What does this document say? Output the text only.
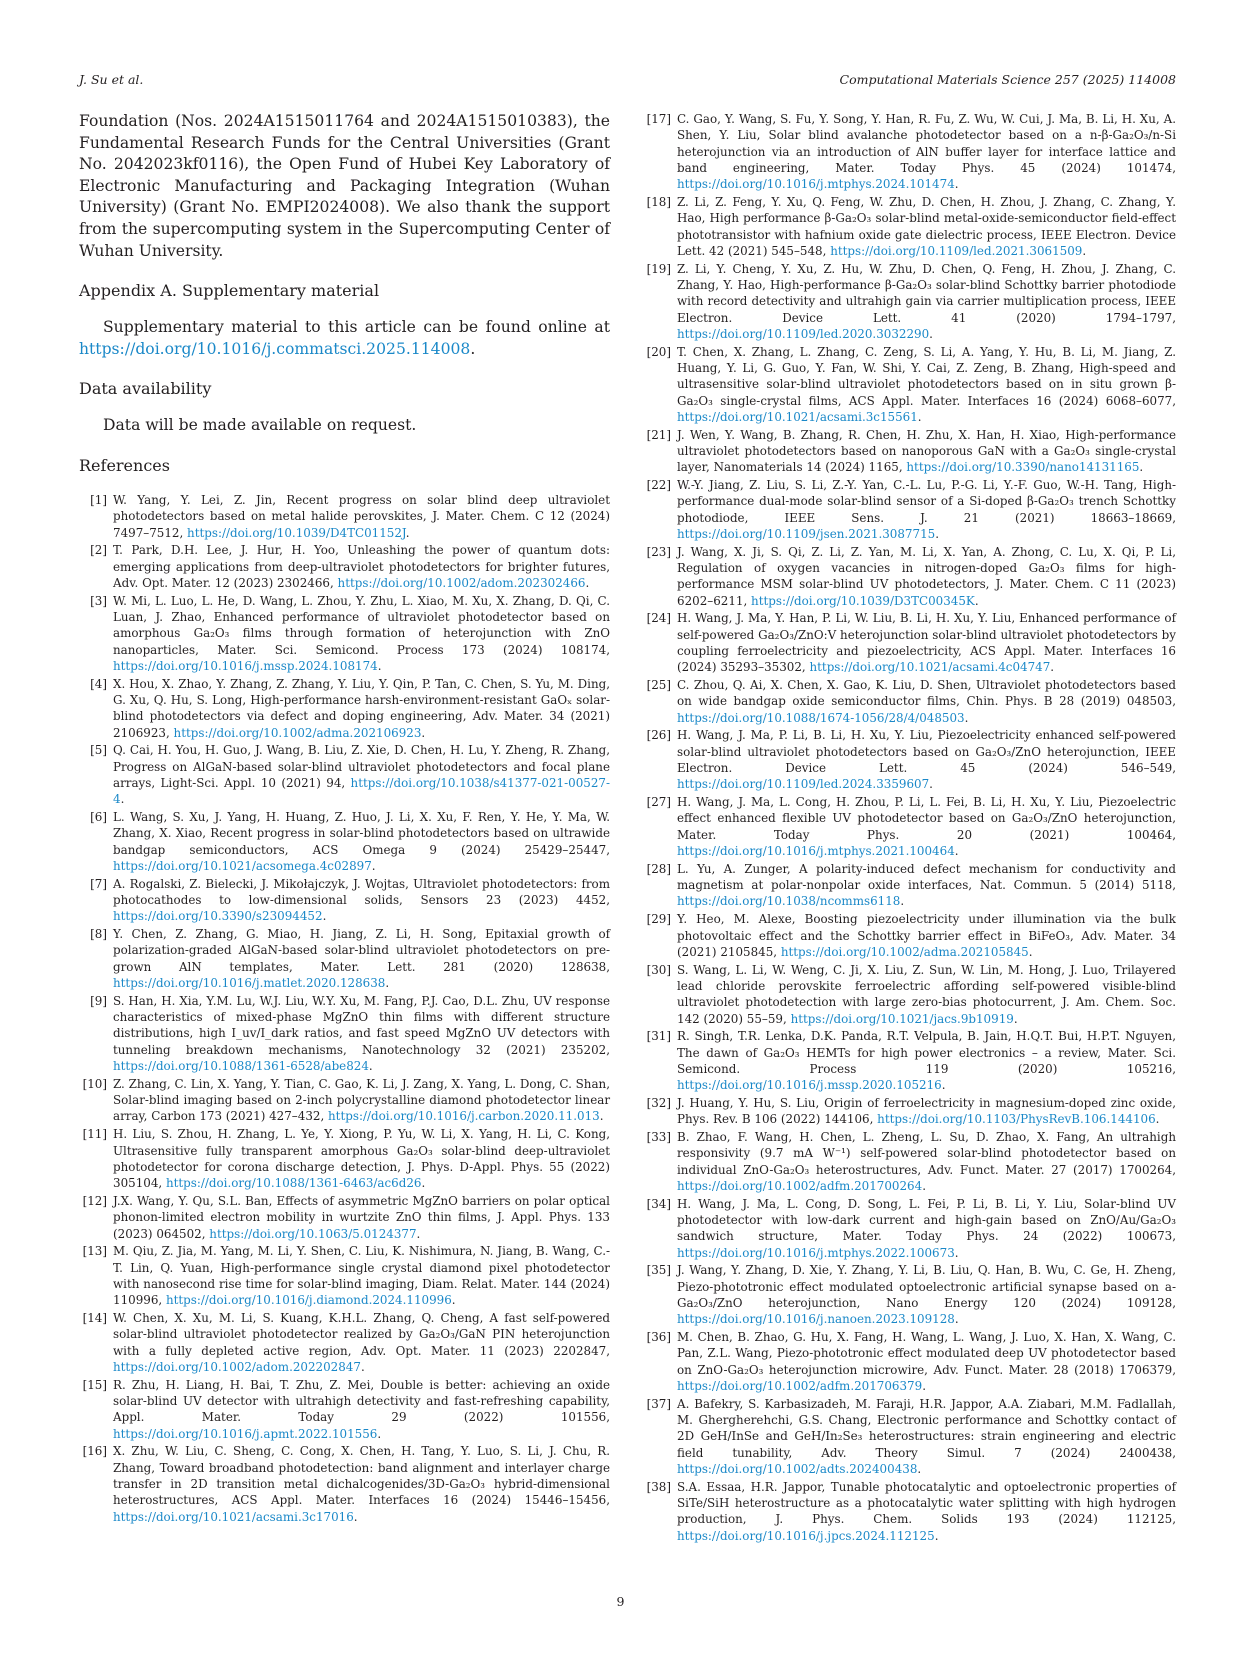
J. Su et al.	Computational Materials Science 257 (2025) 114008

Foundation (Nos. 2024A1515011764 and 2024A1515010383), the Fundamental Research Funds for the Central Universities (Grant No. 2042023kf0116), the Open Fund of Hubei Key Laboratory of Electronic Manufacturing and Packaging Integration (Wuhan University) (Grant No. EMPI2024008). We also thank the support from the supercomputing system in the Supercomputing Center of Wuhan University.

Appendix A. Supplementary material

Supplementary material to this article can be found online at https://doi.org/10.1016/j.commatsci.2025.114008.

Data availability

Data will be made available on request.

References
[1] W. Yang, Y. Lei, Z. Jin, Recent progress on solar blind deep ultraviolet photodetectors based on metal halide perovskites, J. Mater. Chem. C 12 (2024) 7497–7512, https://doi.org/10.1039/D4TC01152J.
[2] T. Park, D.H. Lee, J. Hur, H. Yoo, Unleashing the power of quantum dots: emerging applications from deep-ultraviolet photodetectors for brighter futures, Adv. Opt. Mater. 12 (2023) 2302466, https://doi.org/10.1002/adom.202302466.
[3] W. Mi, L. Luo, L. He, D. Wang, L. Zhou, Y. Zhu, L. Xiao, M. Xu, X. Zhang, D. Qi, C. Luan, J. Zhao, Enhanced performance of ultraviolet photodetector based on amorphous Ga₂O₃ films through formation of heterojunction with ZnO nanoparticles, Mater. Sci. Semicond. Process 173 (2024) 108174, https://doi.org/10.1016/j.mssp.2024.108174.
[4] X. Hou, X. Zhao, Y. Zhang, Z. Zhang, Y. Liu, Y. Qin, P. Tan, C. Chen, S. Yu, M. Ding, G. Xu, Q. Hu, S. Long, High-performance harsh-environment-resistant GaOₓ solar-blind photodetectors via defect and doping engineering, Adv. Mater. 34 (2021) 2106923, https://doi.org/10.1002/adma.202106923.
[5] Q. Cai, H. You, H. Guo, J. Wang, B. Liu, Z. Xie, D. Chen, H. Lu, Y. Zheng, R. Zhang, Progress on AlGaN-based solar-blind ultraviolet photodetectors and focal plane arrays, Light-Sci. Appl. 10 (2021) 94, https://doi.org/10.1038/s41377-021-00527-4.
[6] L. Wang, S. Xu, J. Yang, H. Huang, Z. Huo, J. Li, X. Xu, F. Ren, Y. He, Y. Ma, W. Zhang, X. Xiao, Recent progress in solar-blind photodetectors based on ultrawide bandgap semiconductors, ACS Omega 9 (2024) 25429–25447, https://doi.org/10.1021/acsomega.4c02897.
[7] A. Rogalski, Z. Bielecki, J. Mikołajczyk, J. Wojtas, Ultraviolet photodetectors: from photocathodes to low-dimensional solids, Sensors 23 (2023) 4452, https://doi.org/10.3390/s23094452.
[8] Y. Chen, Z. Zhang, G. Miao, H. Jiang, Z. Li, H. Song, Epitaxial growth of polarization-graded AlGaN-based solar-blind ultraviolet photodetectors on pre-grown AlN templates, Mater. Lett. 281 (2020) 128638, https://doi.org/10.1016/j.matlet.2020.128638.
[9] S. Han, H. Xia, Y.M. Lu, W.J. Liu, W.Y. Xu, M. Fang, P.J. Cao, D.L. Zhu, UV response characteristics of mixed-phase MgZnO thin films with different structure distributions, high I_uv/I_dark ratios, and fast speed MgZnO UV detectors with tunneling breakdown mechanisms, Nanotechnology 32 (2021) 235202, https://doi.org/10.1088/1361-6528/abe824.
[10] Z. Zhang, C. Lin, X. Yang, Y. Tian, C. Gao, K. Li, J. Zang, X. Yang, L. Dong, C. Shan, Solar-blind imaging based on 2-inch polycrystalline diamond photodetector linear array, Carbon 173 (2021) 427–432, https://doi.org/10.1016/j.carbon.2020.11.013.
[11] H. Liu, S. Zhou, H. Zhang, L. Ye, Y. Xiong, P. Yu, W. Li, X. Yang, H. Li, C. Kong, Ultrasensitive fully transparent amorphous Ga₂O₃ solar-blind deep-ultraviolet photodetector for corona discharge detection, J. Phys. D-Appl. Phys. 55 (2022) 305104, https://doi.org/10.1088/1361-6463/ac6d26.
[12] J.X. Wang, Y. Qu, S.L. Ban, Effects of asymmetric MgZnO barriers on polar optical phonon-limited electron mobility in wurtzite ZnO thin films, J. Appl. Phys. 133 (2023) 064502, https://doi.org/10.1063/5.0124377.
[13] M. Qiu, Z. Jia, M. Yang, M. Li, Y. Shen, C. Liu, K. Nishimura, N. Jiang, B. Wang, C.-T. Lin, Q. Yuan, High-performance single crystal diamond pixel photodetector with nanosecond rise time for solar-blind imaging, Diam. Relat. Mater. 144 (2024) 110996, https://doi.org/10.1016/j.diamond.2024.110996.
[14] W. Chen, X. Xu, M. Li, S. Kuang, K.H.L. Zhang, Q. Cheng, A fast self-powered solar-blind ultraviolet photodetector realized by Ga₂O₃/GaN PIN heterojunction with a fully depleted active region, Adv. Opt. Mater. 11 (2023) 2202847, https://doi.org/10.1002/adom.202202847.
[15] R. Zhu, H. Liang, H. Bai, T. Zhu, Z. Mei, Double is better: achieving an oxide solar-blind UV detector with ultrahigh detectivity and fast-refreshing capability, Appl. Mater. Today 29 (2022) 101556, https://doi.org/10.1016/j.apmt.2022.101556.
[16] X. Zhu, W. Liu, C. Sheng, C. Cong, X. Chen, H. Tang, Y. Luo, S. Li, J. Chu, R. Zhang, Toward broadband photodetection: band alignment and interlayer charge transfer in 2D transition metal dichalcogenides/3D-Ga₂O₃ hybrid-dimensional heterostructures, ACS Appl. Mater. Interfaces 16 (2024) 15446–15456, https://doi.org/10.1021/acsami.3c17016.
[17] C. Gao, Y. Wang, S. Fu, Y. Song, Y. Han, R. Fu, Z. Wu, W. Cui, J. Ma, B. Li, H. Xu, A. Shen, Y. Liu, Solar blind avalanche photodetector based on a n-β-Ga₂O₃/n-Si heterojunction via an introduction of AlN buffer layer for interface lattice and band engineering, Mater. Today Phys. 45 (2024) 101474, https://doi.org/10.1016/j.mtphys.2024.101474.
[18] Z. Li, Z. Feng, Y. Xu, Q. Feng, W. Zhu, D. Chen, H. Zhou, J. Zhang, C. Zhang, Y. Hao, High performance β-Ga₂O₃ solar-blind metal-oxide-semiconductor field-effect phototransistor with hafnium oxide gate dielectric process, IEEE Electron. Device Lett. 42 (2021) 545–548, https://doi.org/10.1109/led.2021.3061509.
[19] Z. Li, Y. Cheng, Y. Xu, Z. Hu, W. Zhu, D. Chen, Q. Feng, H. Zhou, J. Zhang, C. Zhang, Y. Hao, High-performance β-Ga₂O₃ solar-blind Schottky barrier photodiode with record detectivity and ultrahigh gain via carrier multiplication process, IEEE Electron. Device Lett. 41 (2020) 1794–1797, https://doi.org/10.1109/led.2020.3032290.
[20] T. Chen, X. Zhang, L. Zhang, C. Zeng, S. Li, A. Yang, Y. Hu, B. Li, M. Jiang, Z. Huang, Y. Li, G. Guo, Y. Fan, W. Shi, Y. Cai, Z. Zeng, B. Zhang, High-speed and ultrasensitive solar-blind ultraviolet photodetectors based on in situ grown β-Ga₂O₃ single-crystal films, ACS Appl. Mater. Interfaces 16 (2024) 6068–6077, https://doi.org/10.1021/acsami.3c15561.
[21] J. Wen, Y. Wang, B. Zhang, R. Chen, H. Zhu, X. Han, H. Xiao, High-performance ultraviolet photodetectors based on nanoporous GaN with a Ga₂O₃ single-crystal layer, Nanomaterials 14 (2024) 1165, https://doi.org/10.3390/nano14131165.
[22] W.-Y. Jiang, Z. Liu, S. Li, Z.-Y. Yan, C.-L. Lu, P.-G. Li, Y.-F. Guo, W.-H. Tang, High-performance dual-mode solar-blind sensor of a Si-doped β-Ga₂O₃ trench Schottky photodiode, IEEE Sens. J. 21 (2021) 18663–18669, https://doi.org/10.1109/jsen.2021.3087715.
[23] J. Wang, X. Ji, S. Qi, Z. Li, Z. Yan, M. Li, X. Yan, A. Zhong, C. Lu, X. Qi, P. Li, Regulation of oxygen vacancies in nitrogen-doped Ga₂O₃ films for high-performance MSM solar-blind UV photodetectors, J. Mater. Chem. C 11 (2023) 6202–6211, https://doi.org/10.1039/D3TC00345K.
[24] H. Wang, J. Ma, Y. Han, P. Li, W. Liu, B. Li, H. Xu, Y. Liu, Enhanced performance of self-powered Ga₂O₃/ZnO:V heterojunction solar-blind ultraviolet photodetectors by coupling ferroelectricity and piezoelectricity, ACS Appl. Mater. Interfaces 16 (2024) 35293–35302, https://doi.org/10.1021/acsami.4c04747.
[25] C. Zhou, Q. Ai, X. Chen, X. Gao, K. Liu, D. Shen, Ultraviolet photodetectors based on wide bandgap oxide semiconductor films, Chin. Phys. B 28 (2019) 048503, https://doi.org/10.1088/1674-1056/28/4/048503.
[26] H. Wang, J. Ma, P. Li, B. Li, H. Xu, Y. Liu, Piezoelectricity enhanced self-powered solar-blind ultraviolet photodetectors based on Ga₂O₃/ZnO heterojunction, IEEE Electron. Device Lett. 45 (2024) 546–549, https://doi.org/10.1109/led.2024.3359607.
[27] H. Wang, J. Ma, L. Cong, H. Zhou, P. Li, L. Fei, B. Li, H. Xu, Y. Liu, Piezoelectric effect enhanced flexible UV photodetector based on Ga₂O₃/ZnO heterojunction, Mater. Today Phys. 20 (2021) 100464, https://doi.org/10.1016/j.mtphys.2021.100464.
[28] L. Yu, A. Zunger, A polarity-induced defect mechanism for conductivity and magnetism at polar-nonpolar oxide interfaces, Nat. Commun. 5 (2014) 5118, https://doi.org/10.1038/ncomms6118.
[29] Y. Heo, M. Alexe, Boosting piezoelectricity under illumination via the bulk photovoltaic effect and the Schottky barrier effect in BiFeO₃, Adv. Mater. 34 (2021) 2105845, https://doi.org/10.1002/adma.202105845.
[30] S. Wang, L. Li, W. Weng, C. Ji, X. Liu, Z. Sun, W. Lin, M. Hong, J. Luo, Trilayered lead chloride perovskite ferroelectric affording self-powered visible-blind ultraviolet photodetection with large zero-bias photocurrent, J. Am. Chem. Soc. 142 (2020) 55–59, https://doi.org/10.1021/jacs.9b10919.
[31] R. Singh, T.R. Lenka, D.K. Panda, R.T. Velpula, B. Jain, H.Q.T. Bui, H.P.T. Nguyen, The dawn of Ga₂O₃ HEMTs for high power electronics – a review, Mater. Sci. Semicond. Process 119 (2020) 105216, https://doi.org/10.1016/j.mssp.2020.105216.
[32] J. Huang, Y. Hu, S. Liu, Origin of ferroelectricity in magnesium-doped zinc oxide, Phys. Rev. B 106 (2022) 144106, https://doi.org/10.1103/PhysRevB.106.144106.
[33] B. Zhao, F. Wang, H. Chen, L. Zheng, L. Su, D. Zhao, X. Fang, An ultrahigh responsivity (9.7 mA W⁻¹) self-powered solar-blind photodetector based on individual ZnO-Ga₂O₃ heterostructures, Adv. Funct. Mater. 27 (2017) 1700264, https://doi.org/10.1002/adfm.201700264.
[34] H. Wang, J. Ma, L. Cong, D. Song, L. Fei, P. Li, B. Li, Y. Liu, Solar-blind UV photodetector with low-dark current and high-gain based on ZnO/Au/Ga₂O₃ sandwich structure, Mater. Today Phys. 24 (2022) 100673, https://doi.org/10.1016/j.mtphys.2022.100673.
[35] J. Wang, Y. Zhang, D. Xie, Y. Zhang, Y. Li, B. Liu, Q. Han, B. Wu, C. Ge, H. Zheng, Piezo-phototronic effect modulated optoelectronic artificial synapse based on a-Ga₂O₃/ZnO heterojunction, Nano Energy 120 (2024) 109128, https://doi.org/10.1016/j.nanoen.2023.109128.
[36] M. Chen, B. Zhao, G. Hu, X. Fang, H. Wang, L. Wang, J. Luo, X. Han, X. Wang, C. Pan, Z.L. Wang, Piezo-phototronic effect modulated deep UV photodetector based on ZnO-Ga₂O₃ heterojunction microwire, Adv. Funct. Mater. 28 (2018) 1706379, https://doi.org/10.1002/adfm.201706379.
[37] A. Bafekry, S. Karbasizadeh, M. Faraji, H.R. Jappor, A.A. Ziabari, M.M. Fadlallah, M. Ghergherehchi, G.S. Chang, Electronic performance and Schottky contact of 2D GeH/InSe and GeH/In₂Se₃ heterostructures: strain engineering and electric field tunability, Adv. Theory Simul. 7 (2024) 2400438, https://doi.org/10.1002/adts.202400438.
[38] S.A. Essaa, H.R. Jappor, Tunable photocatalytic and optoelectronic properties of SiTe/SiH heterostructure as a photocatalytic water splitting with high hydrogen production, J. Phys. Chem. Solids 193 (2024) 112125, https://doi.org/10.1016/j.jpcs.2024.112125.
9
